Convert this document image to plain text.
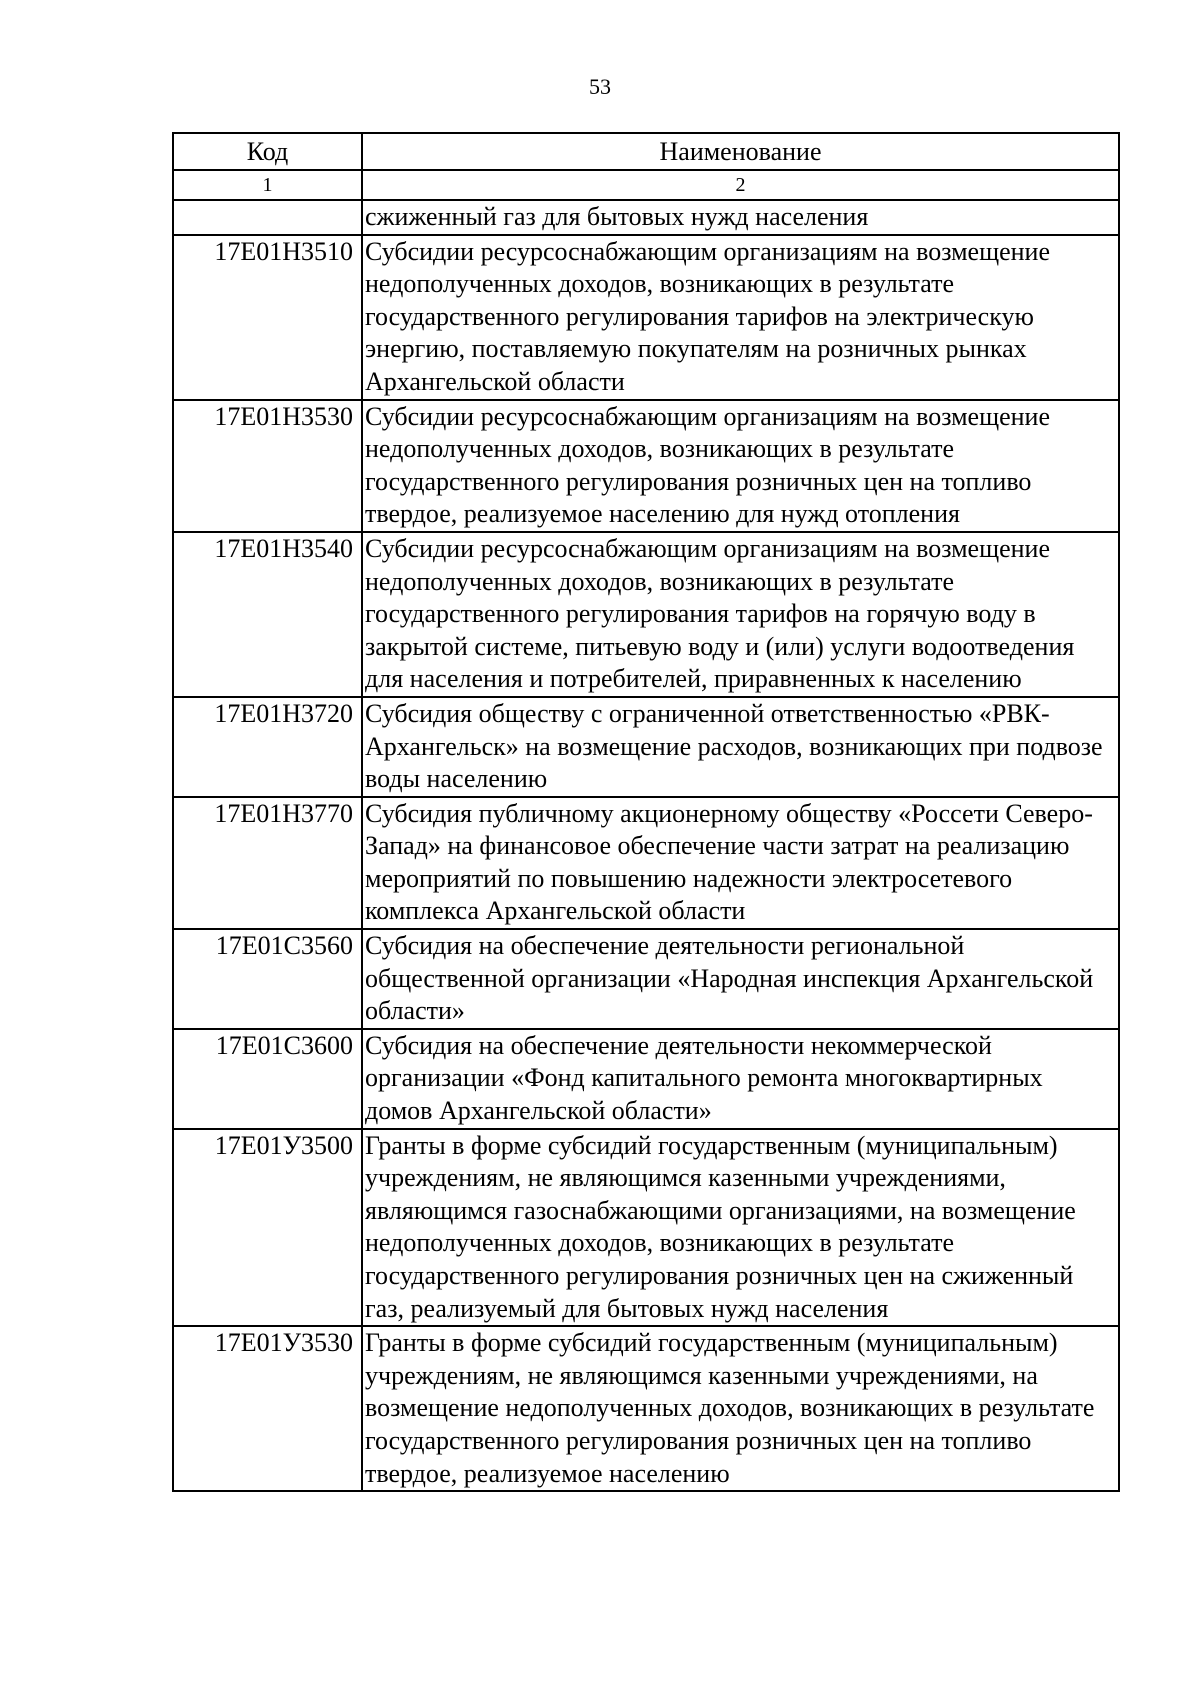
53
Код	Наименование
1	2
	сжиженный газ для бытовых нужд населения
17Е01Н3510	Субсидии ресурсоснабжающим организациям на возмещение недополученных доходов, возникающих в результате государственного регулирования тарифов на электрическую энергию, поставляемую покупателям на розничных рынках Архангельской области
17Е01Н3530	Субсидии ресурсоснабжающим организациям на возмещение недополученных доходов, возникающих в результате государственного регулирования розничных цен на топливо твердое, реализуемое населению для нужд отопления
17Е01Н3540	Субсидии ресурсоснабжающим организациям на возмещение недополученных доходов, возникающих в результате государственного регулирования тарифов на горячую воду в закрытой системе, питьевую воду и (или) услуги водоотведения для населения и потребителей, приравненных к населению
17Е01Н3720	Субсидия обществу с ограниченной ответственностью «РВК-Архангельск» на возмещение расходов, возникающих при подвозе воды населению
17Е01Н3770	Субсидия публичному акционерному обществу «Россети Северо-Запад» на финансовое обеспечение части затрат на реализацию мероприятий по повышению надежности электросетевого комплекса Архангельской области
17Е01С3560	Субсидия на обеспечение деятельности региональной общественной организации «Народная инспекция Архангельской области»
17Е01С3600	Субсидия на обеспечение деятельности некоммерческой организации «Фонд капитального ремонта многоквартирных домов Архангельской области»
17Е01У3500	Гранты в форме субсидий государственным (муниципальным) учреждениям, не являющимся казенными учреждениями, являющимся газоснабжающими организациями, на возмещение недополученных доходов, возникающих в результате государственного регулирования розничных цен на сжиженный газ, реализуемый для бытовых нужд населения
17Е01У3530	Гранты в форме субсидий государственным (муниципальным) учреждениям, не являющимся казенными учреждениями, на возмещение недополученных доходов, возникающих в результате государственного регулирования розничных цен на топливо твердое, реализуемое населению
